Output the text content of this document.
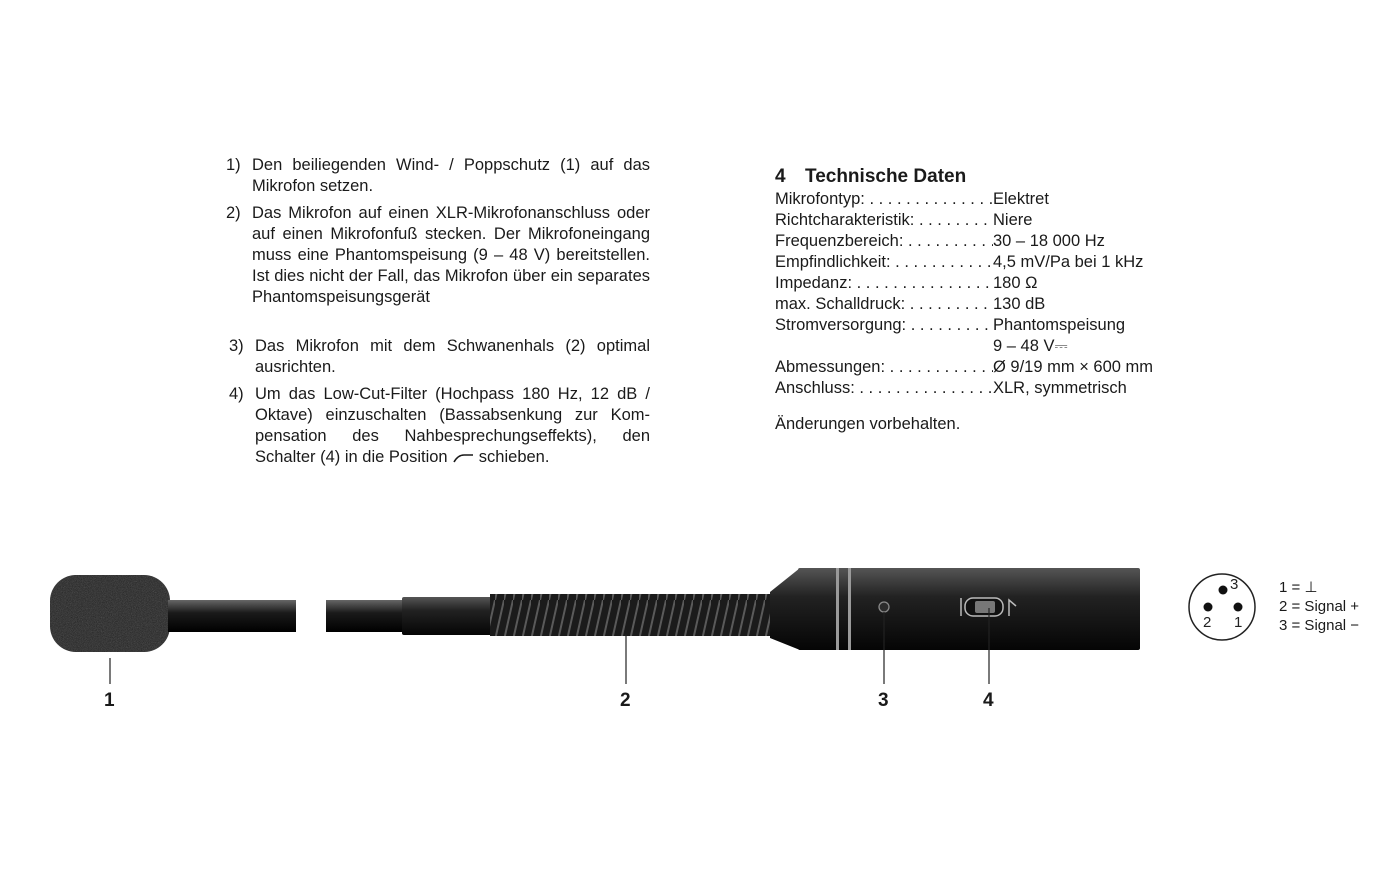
1) Den beiliegenden Wind- / Poppschutz (1) auf das Mikrofon setzen.
2) Das Mikrofon auf einen XLR-Mikrofonanschluss oder auf einen Mikrofonfuß stecken. Der Mikrofoneingang muss eine Phantomspeisung (9 – 48 V) bereitstellen. Ist dies nicht der Fall, das Mikrofon über ein separates Phantomspeisungsgerät
3) Das Mikrofon mit dem Schwanenhals (2) optimal ausrichten.
4) Um das Low-Cut-Filter (Hochpass 180 Hz, 12 dB / Oktave) einzuschalten (Bassabsenkung zur Kompensation des Nahbesprechungseffekts), den Schalter (4) in die Position schieben.
4	Technische Daten
Mikrofontyp: . . .	Elektret
Richtcharakteristik: . . .	Niere
Frequenzbereich: . . .	30 – 18 000 Hz
Empfindlichkeit: . . .	4,5 mV/Pa bei 1 kHz
Impedanz: . . .	180 Ω
max. Schalldruck: . . .	130 dB
Stromversorgung: . . .	Phantomspeisung
9 – 48 V⎓
Abmessungen: . . .	Ø 9/19 mm × 600 mm
Anschluss: . . .	XLR, symmetrisch
Änderungen vorbehalten.
3
2 1
1	2	3	4
1 = ⊥
2 = Signal +
3 = Signal −
